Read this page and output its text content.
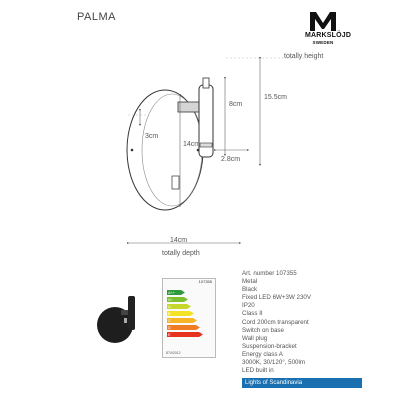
PALMA
MARKSLÖJD
SWEDEN
totally height
15.5cm
8cm
3cm
14cm
2.8cm
14cm
totally depth
107355
A++
A+
A
B
C
D
E
874/2012
Art. number 107355
Metal
Black
Fixed LED 6W+3W 230V
IP20
Class II
Cord 200cm transparent
Switch on base
Wall plug
Suspension-bracket
Energy class A
3000K, 30/120°, 500lm
LED built in
Lights of Scandinavia
